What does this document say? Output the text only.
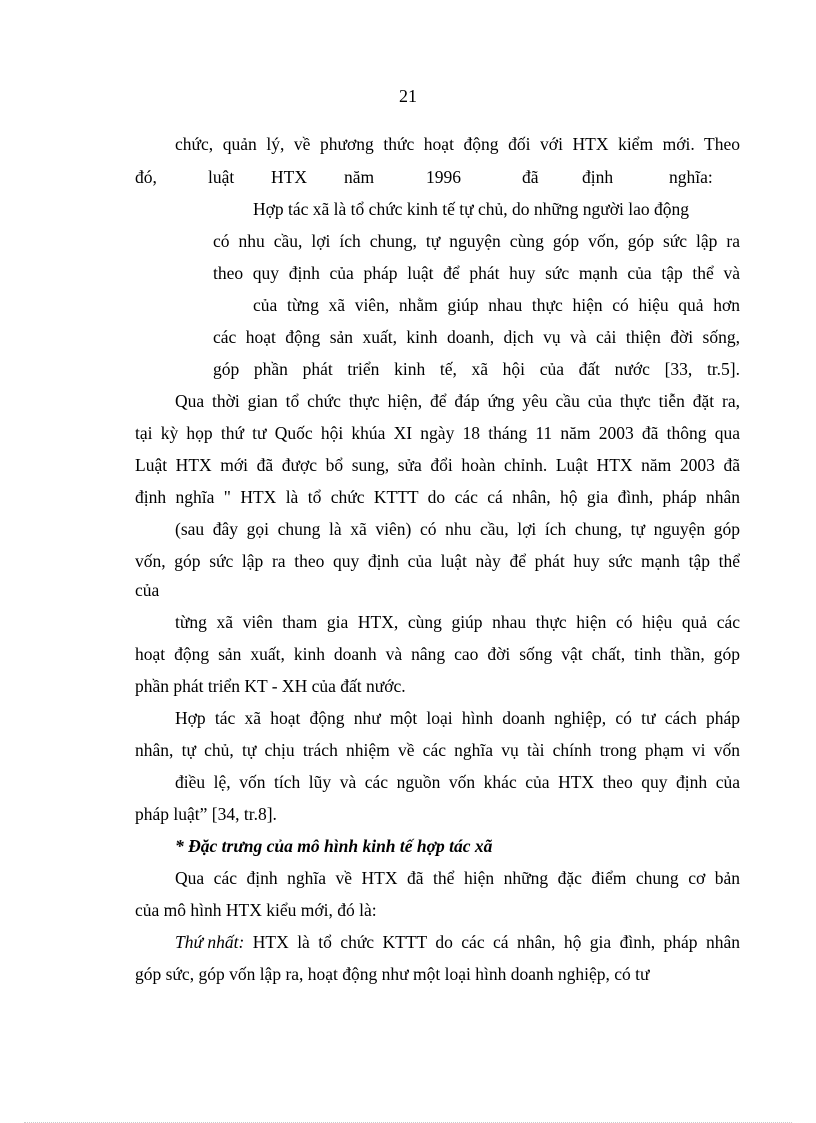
21
chức, quản lý, về phương thức hoạt động đối với HTX kiểm mới. Theo
đó,	luật HTX năm	1996	đã định	nghĩa:
Hợp tác xã là tổ chức kinh tế tự chủ, do những người lao động
có nhu cầu, lợi ích chung, tự nguyện cùng góp vốn, góp sức lập ra
theo quy định của pháp luật để phát huy sức mạnh của tập thể và
của từng xã viên, nhằm giúp nhau thực hiện có hiệu quả hơn
các hoạt động sản xuất, kinh doanh, dịch vụ và cải thiện đời sống,
góp phần phát triển kinh tế, xã hội của đất nước [33, tr.5].
Qua thời gian tổ chức thực hiện, để đáp ứng yêu cầu của thực tiễn đặt ra,
tại kỳ họp thứ tư Quốc hội khúa XI ngày 18 tháng 11 năm 2003 đã thông qua
Luật HTX mới đã được bổ sung, sửa đổi hoàn chỉnh. Luật HTX năm 2003 đã
định nghĩa " HTX là tổ chức KTTT do các cá nhân, hộ gia đình, pháp nhân
(sau đây gọi chung là xã viên) có nhu cầu, lợi ích chung, tự nguyện góp
vốn, góp sức lập ra theo quy định của luật này để phát huy sức mạnh tập thể
của
từng xã viên tham gia HTX, cùng giúp nhau thực hiện có hiệu quả các
hoạt động sản xuất, kinh doanh và nâng cao đời sống vật chất, tinh thần, góp
phần phát triển KT - XH của đất nước.
Hợp tác xã hoạt động như một loại hình doanh nghiệp, có tư cách pháp
nhân, tự chủ, tự chịu trách nhiệm về các nghĩa vụ tài chính trong phạm vi vốn
điều lệ, vốn tích lũy và các nguồn vốn khác của HTX theo quy định của
pháp luật” [34, tr.8].
* Đặc trưng của mô hình kinh tế hợp tác xã
Qua các định nghĩa về HTX đã thể hiện những đặc điểm chung cơ bản
của mô hình HTX kiểu mới, đó là:
Thứ nhất: HTX là tổ chức KTTT do các cá nhân, hộ gia đình, pháp nhân
góp sức, góp vốn lập ra, hoạt động như một loại hình doanh nghiệp, có tư
